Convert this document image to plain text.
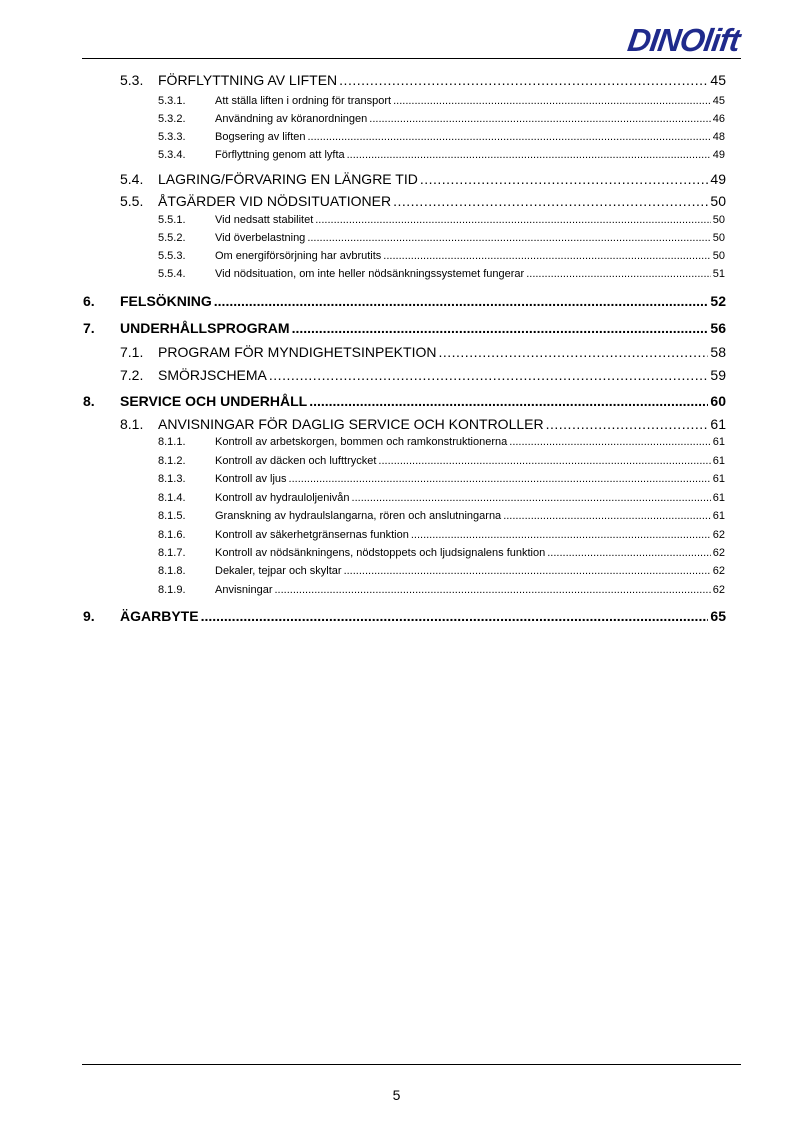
DINOlift
5.3. FÖRFLYTTNING AV LIFTEN .....	45
5.3.1.	Att ställa liften i ordning för transport .....	45
5.3.2.	Användning av köranordningen .....	46
5.3.3.	Bogsering av liften .....	48
5.3.4.	Förflyttning genom att lyfta .....	49
5.4. LAGRING/FÖRVARING EN LÄNGRE TID .....	49
5.5. ÅTGÄRDER VID NÖDSITUATIONER .....	50
5.5.1.	Vid nedsatt stabilitet .....	50
5.5.2.	Vid överbelastning .....	50
5.5.3.	Om energiförsörjning har avbrutits .....	50
5.5.4.	Vid nödsituation, om inte heller nödsänkningssystemet fungerar .....	51
6. FELSÖKNING .....	52
7. UNDERHÅLLSPROGRAM .....	56
7.1. PROGRAM FÖR MYNDIGHETSINPEKTION .....	58
7.2. SMÖRJSCHEMA .....	59
8. SERVICE OCH UNDERHÅLL .....	60
8.1. ANVISNINGAR FÖR DAGLIG SERVICE OCH KONTROLLER .....	61
8.1.1.	Kontroll av arbetskorgen, bommen och ramkonstruktionerna .....	61
8.1.2.	Kontroll av däcken och lufttrycket .....	61
8.1.3.	Kontroll av ljus .....	61
8.1.4.	Kontroll av hydrauloljenivån .....	61
8.1.5.	Granskning av hydraulslangarna, rören och anslutningarna .....	61
8.1.6.	Kontroll av säkerhetgränsernas funktion .....	62
8.1.7.	Kontroll av nödsänkningens, nödstoppets och ljudsignalens funktion .....	62
8.1.8.	Dekaler, tejpar och skyltar .....	62
8.1.9.	Anvisningar .....	62
9. ÄGARBYTE .....	65
5
